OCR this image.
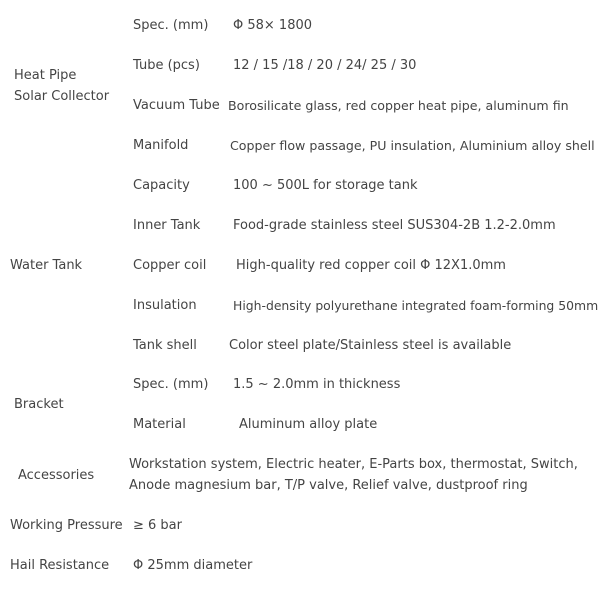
Heat Pipe
Solar Collector
Water Tank
Bracket
Accessories
Spec. (mm)
Tube (pcs)
Vacuum Tube
Manifold
Capacity
Inner Tank
Copper coil
Insulation
Tank shell
Spec. (mm)
Material
Φ 58× 1800
12 / 15 /18 / 20 / 24/ 25 / 30
Borosilicate glass, red copper heat pipe, aluminum fin
Copper flow passage, PU insulation, Aluminium alloy shell
100 ~ 500L for storage tank
Food-grade stainless steel SUS304-2B 1.2-2.0mm
High-quality red copper coil Φ 12X1.0mm
High-density polyurethane integrated foam-forming 50mm
Color steel plate/Stainless steel is available
1.5 ~ 2.0mm in thickness
Aluminum alloy plate
Workstation system, Electric heater, E-Parts box, thermostat, Switch,
Anode magnesium bar, T/P valve, Relief valve, dustproof ring
Working Pressure ≥ 6 bar
Hail Resistance Φ 25mm diameter
